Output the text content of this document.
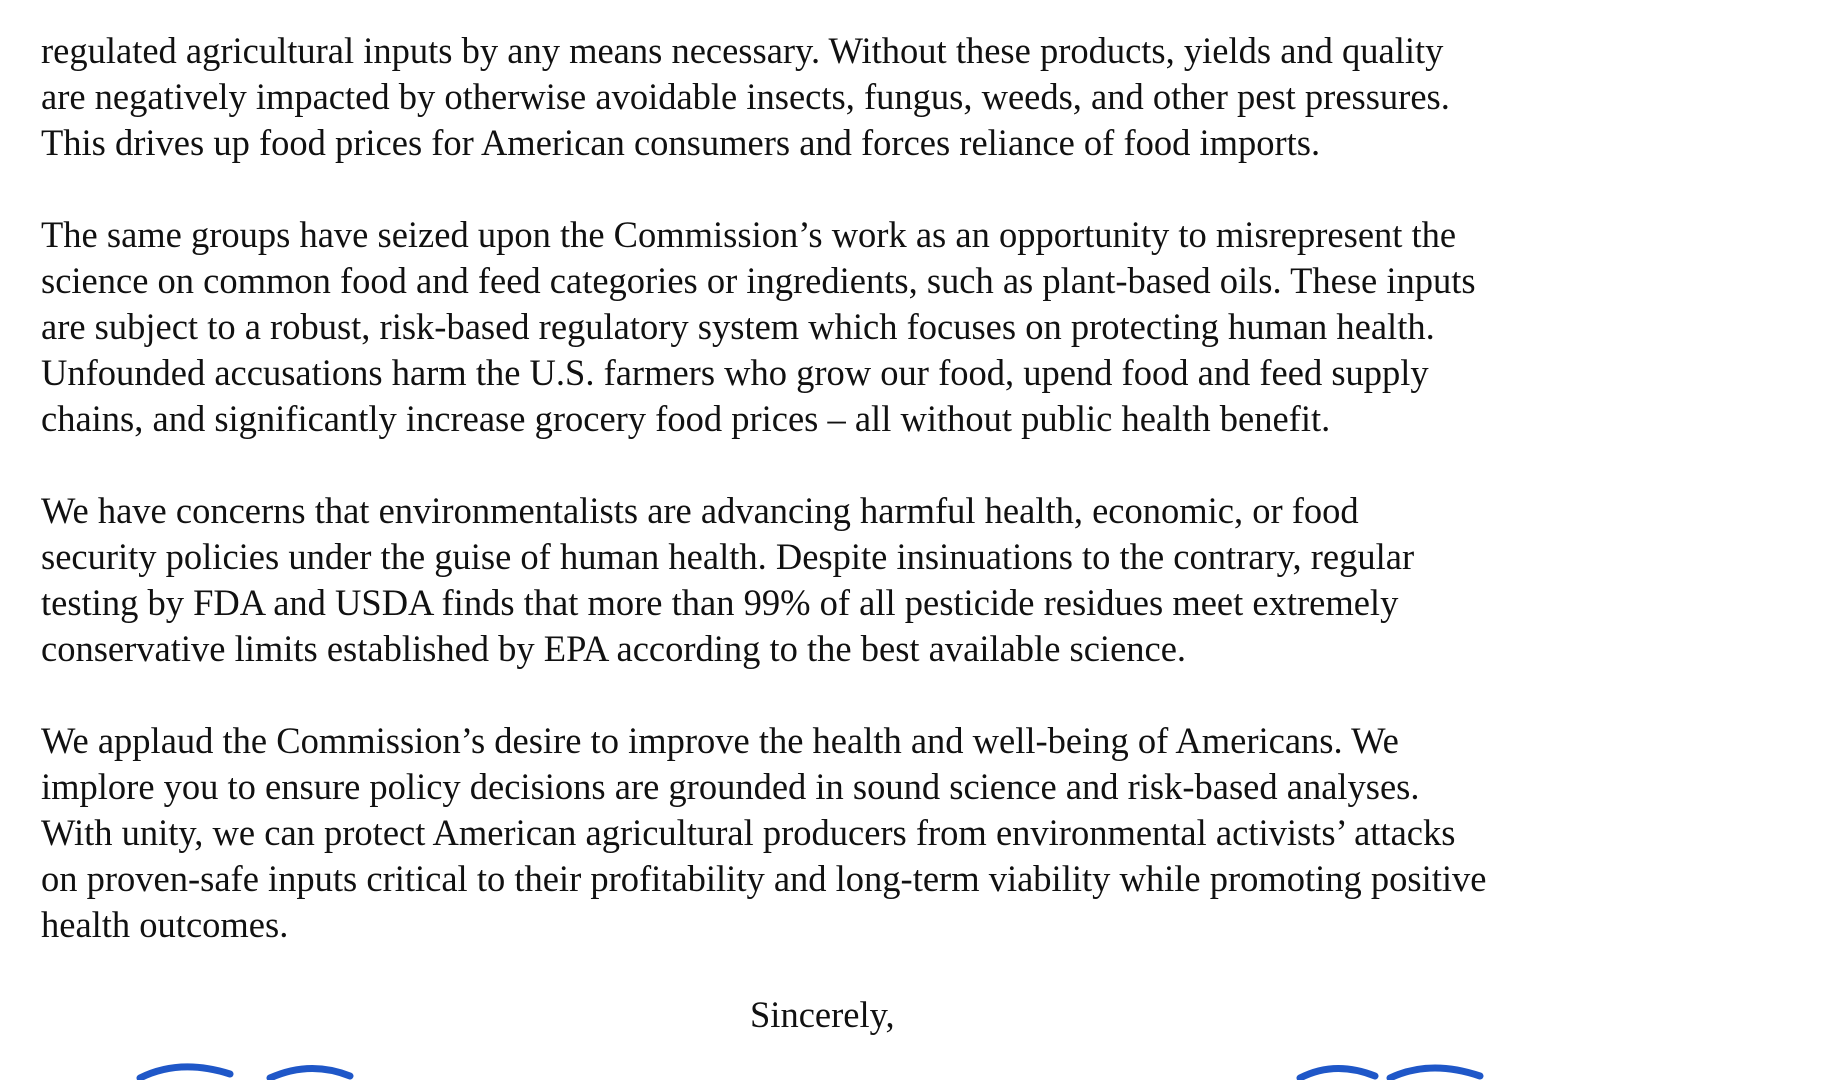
regulated agricultural inputs by any means necessary. Without these products, yields and quality
are negatively impacted by otherwise avoidable insects, fungus, weeds, and other pest pressures.
This drives up food prices for American consumers and forces reliance of food imports.

The same groups have seized upon the Commission’s work as an opportunity to misrepresent the
science on common food and feed categories or ingredients, such as plant-based oils. These inputs
are subject to a robust, risk-based regulatory system which focuses on protecting human health.
Unfounded accusations harm the U.S. farmers who grow our food, upend food and feed supply
chains, and significantly increase grocery food prices – all without public health benefit.

We have concerns that environmentalists are advancing harmful health, economic, or food
security policies under the guise of human health. Despite insinuations to the contrary, regular
testing by FDA and USDA finds that more than 99% of all pesticide residues meet extremely
conservative limits established by EPA according to the best available science.

We applaud the Commission’s desire to improve the health and well-being of Americans. We
implore you to ensure policy decisions are grounded in sound science and risk-based analyses.
With unity, we can protect American agricultural producers from environmental activists’ attacks
on proven-safe inputs critical to their profitability and long-term viability while promoting positive
health outcomes.

Sincerely,
